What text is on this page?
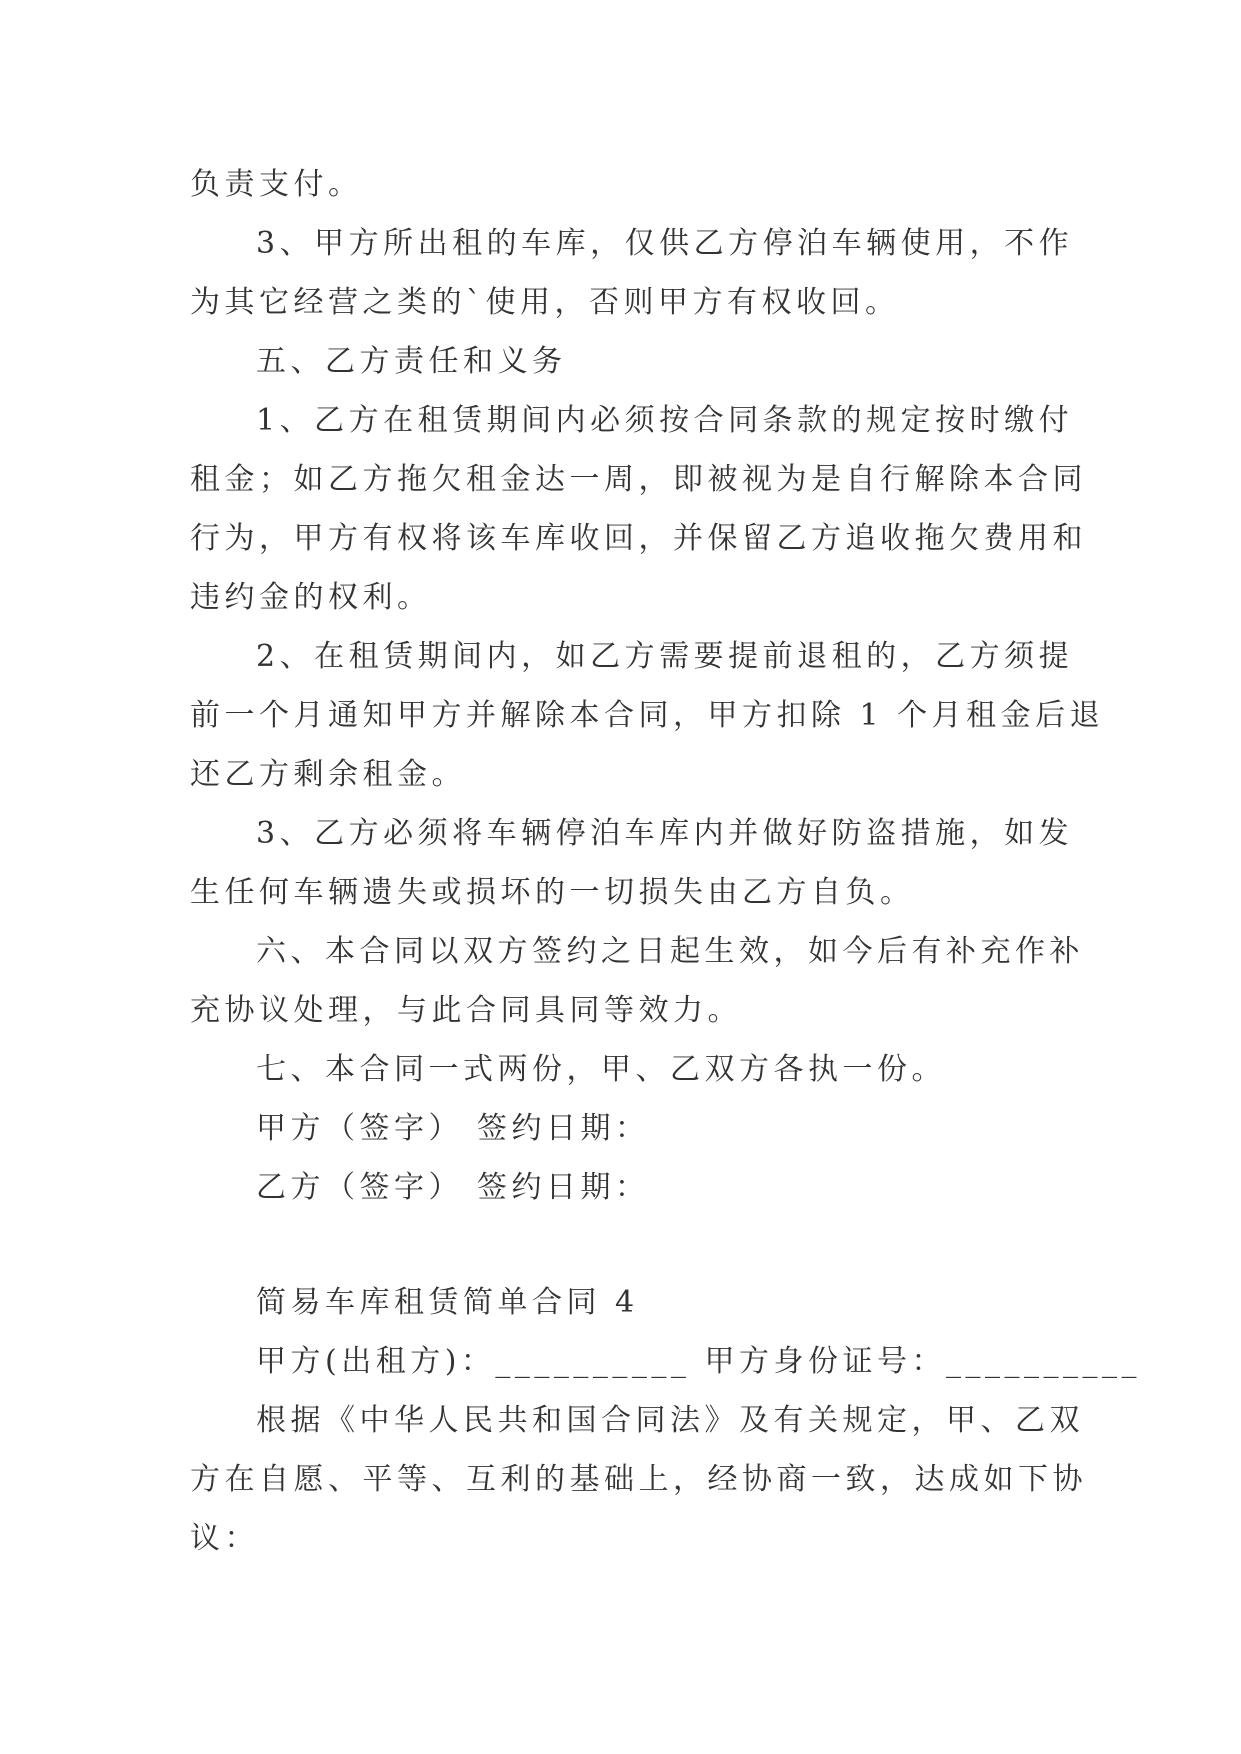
负责支付。
3、甲方所出租的车库，仅供乙方停泊车辆使用，不作
为其它经营之类的`使用，否则甲方有权收回。
五、乙方责任和义务
1、乙方在租赁期间内必须按合同条款的规定按时缴付
租金；如乙方拖欠租金达一周，即被视为是自行解除本合同
行为，甲方有权将该车库收回，并保留乙方追收拖欠费用和
违约金的权利。
2、在租赁期间内，如乙方需要提前退租的，乙方须提
前一个月通知甲方并解除本合同，甲方扣除 1 个月租金后退
还乙方剩余租金。
3、乙方必须将车辆停泊车库内并做好防盗措施，如发
生任何车辆遗失或损坏的一切损失由乙方自负。
六、本合同以双方签约之日起生效，如今后有补充作补
充协议处理，与此合同具同等效力。
七、本合同一式两份，甲、乙双方各执一份。
甲方（签字） 签约日期：
乙方（签字） 签约日期：
简易车库租赁简单合同 4
甲方(出租方)：__________ 甲方身份证号：__________
根据《中华人民共和国合同法》及有关规定，甲、乙双
方在自愿、平等、互利的基础上，经协商一致，达成如下协
议：
